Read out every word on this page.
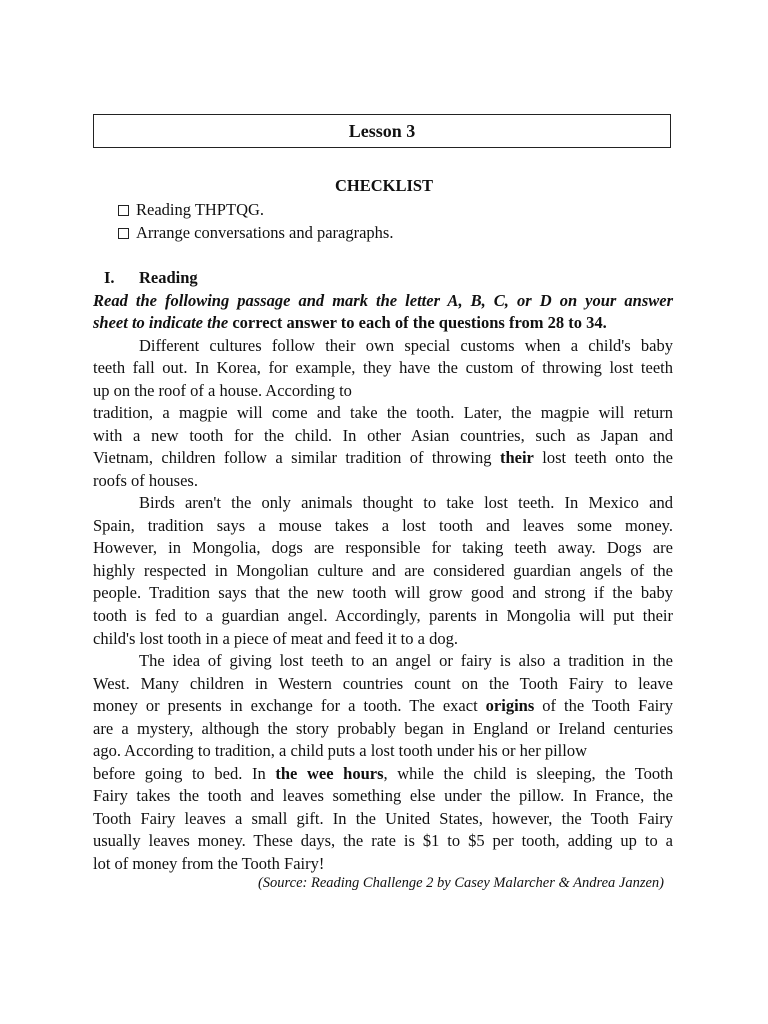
Lesson 3
CHECKLIST
Reading THPTQG.
Arrange conversations and paragraphs.
I. Reading
Read the following passage and mark the letter A, B, C, or D on your answer
sheet to indicate the correct answer to each of the questions from 28 to 34.
Different cultures follow their own special customs when a child's baby
teeth fall out. In Korea, for example, they have the custom of throwing lost teeth
up on the roof of a house. According to
tradition, a magpie will come and take the tooth. Later, the magpie will return
with a new tooth for the child. In other Asian countries, such as Japan and
Vietnam, children follow a similar tradition of throwing their lost teeth onto the
roofs of houses.
Birds aren't the only animals thought to take lost teeth. In Mexico and
Spain, tradition says a mouse takes a lost tooth and leaves some money.
However, in Mongolia, dogs are responsible for taking teeth away. Dogs are
highly respected in Mongolian culture and are considered guardian angels of the
people. Tradition says that the new tooth will grow good and strong if the baby
tooth is fed to a guardian angel. Accordingly, parents in Mongolia will put their
child's lost tooth in a piece of meat and feed it to a dog.
The idea of giving lost teeth to an angel or fairy is also a tradition in the
West. Many children in Western countries count on the Tooth Fairy to leave
money or presents in exchange for a tooth. The exact origins of the Tooth Fairy
are a mystery, although the story probably began in England or Ireland centuries
ago. According to tradition, a child puts a lost tooth under his or her pillow
before going to bed. In the wee hours, while the child is sleeping, the Tooth
Fairy takes the tooth and leaves something else under the pillow. In France, the
Tooth Fairy leaves a small gift. In the United States, however, the Tooth Fairy
usually leaves money. These days, the rate is $1 to $5 per tooth, adding up to a
lot of money from the Tooth Fairy!
(Source: Reading Challenge 2 by Casey Malarcher & Andrea Janzen)
